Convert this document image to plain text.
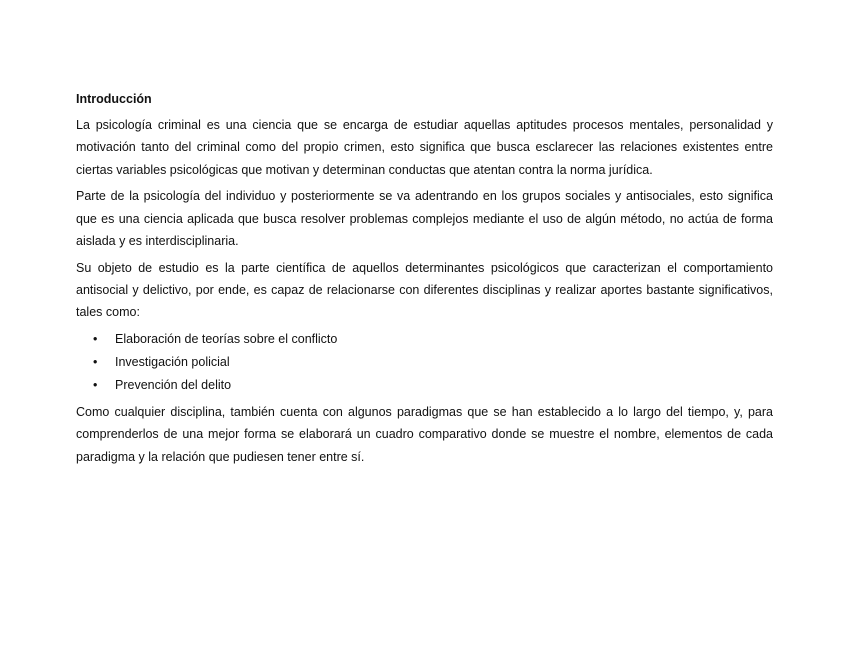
Introducción

La psicología criminal es una ciencia que se encarga de estudiar aquellas aptitudes procesos mentales, personalidad y motivación tanto del criminal como del propio crimen, esto significa que busca esclarecer las relaciones existentes entre ciertas variables psicológicas que motivan y determinan conductas que atentan contra la norma jurídica.

Parte de la psicología del individuo y posteriormente se va adentrando en los grupos sociales y antisociales, esto significa que es una ciencia aplicada que busca resolver problemas complejos mediante el uso de algún método, no actúa de forma aislada y es interdisciplinaria.

Su objeto de estudio es la parte científica de aquellos determinantes psicológicos que caracterizan el comportamiento antisocial y delictivo, por ende, es capaz de relacionarse con diferentes disciplinas y realizar aportes bastante significativos, tales como:

• Elaboración de teorías sobre el conflicto
• Investigación policial
• Prevención del delito

Como cualquier disciplina, también cuenta con algunos paradigmas que se han establecido a lo largo del tiempo, y, para comprenderlos de una mejor forma se elaborará un cuadro comparativo donde se muestre el nombre, elementos de cada paradigma y la relación que pudiesen tener entre sí.
